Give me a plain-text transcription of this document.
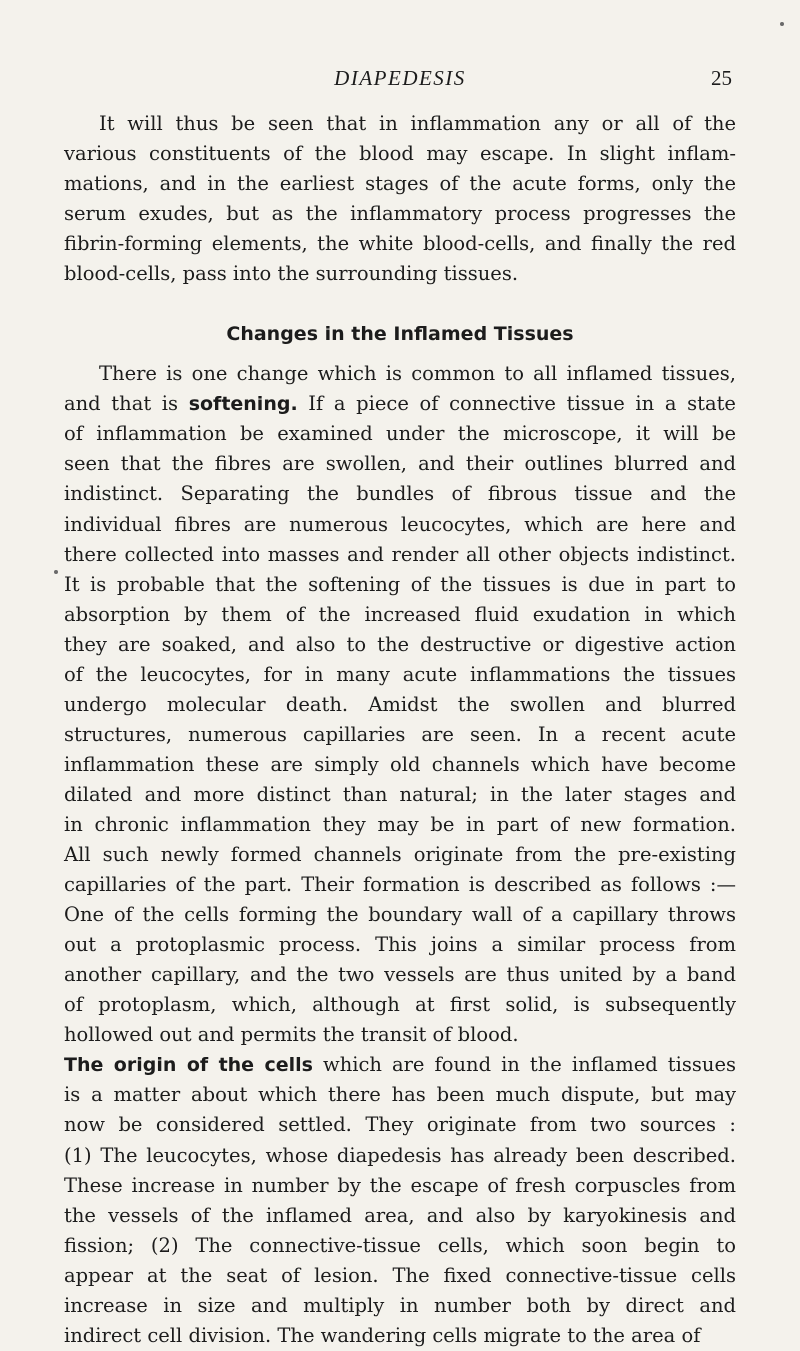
DIAPEDESIS	25
It will thus be seen that in inflammation any or all of the
various constituents of the blood may escape. In slight inflam-
mations, and in the earliest stages of the acute forms, only the
serum exudes, but as the inflammatory process progresses the
fibrin-forming elements, the white blood-cells, and finally the red
blood-cells, pass into the surrounding tissues.
Changes in the Inflamed Tissues
There is one change which is common to all inflamed tissues,
and that is softening. If a piece of connective tissue in a state
of inflammation be examined under the microscope, it will be
seen that the fibres are swollen, and their outlines blurred and
indistinct. Separating the bundles of fibrous tissue and the
individual fibres are numerous leucocytes, which are here and
there collected into masses and render all other objects indistinct.
It is probable that the softening of the tissues is due in part to
absorption by them of the increased fluid exudation in which
they are soaked, and also to the destructive or digestive action
of the leucocytes, for in many acute inflammations the tissues
undergo molecular death. Amidst the swollen and blurred
structures, numerous capillaries are seen. In a recent acute
inflammation these are simply old channels which have become
dilated and more distinct than natural; in the later stages and
in chronic inflammation they may be in part of new formation.
All such newly formed channels originate from the pre-existing
capillaries of the part. Their formation is described as follows :—
One of the cells forming the boundary wall of a capillary throws
out a protoplasmic process. This joins a similar process from
another capillary, and the two vessels are thus united by a band
of protoplasm, which, although at first solid, is subsequently
hollowed out and permits the transit of blood.
The origin of the cells which are found in the inflamed tissues
is a matter about which there has been much dispute, but may
now be considered settled. They originate from two sources :
(1) The leucocytes, whose diapedesis has already been described.
These increase in number by the escape of fresh corpuscles from
the vessels of the inflamed area, and also by karyokinesis and
fission; (2) The connective-tissue cells, which soon begin to
appear at the seat of lesion. The fixed connective-tissue cells
increase in size and multiply in number both by direct and
indirect cell division. The wandering cells migrate to the area of
